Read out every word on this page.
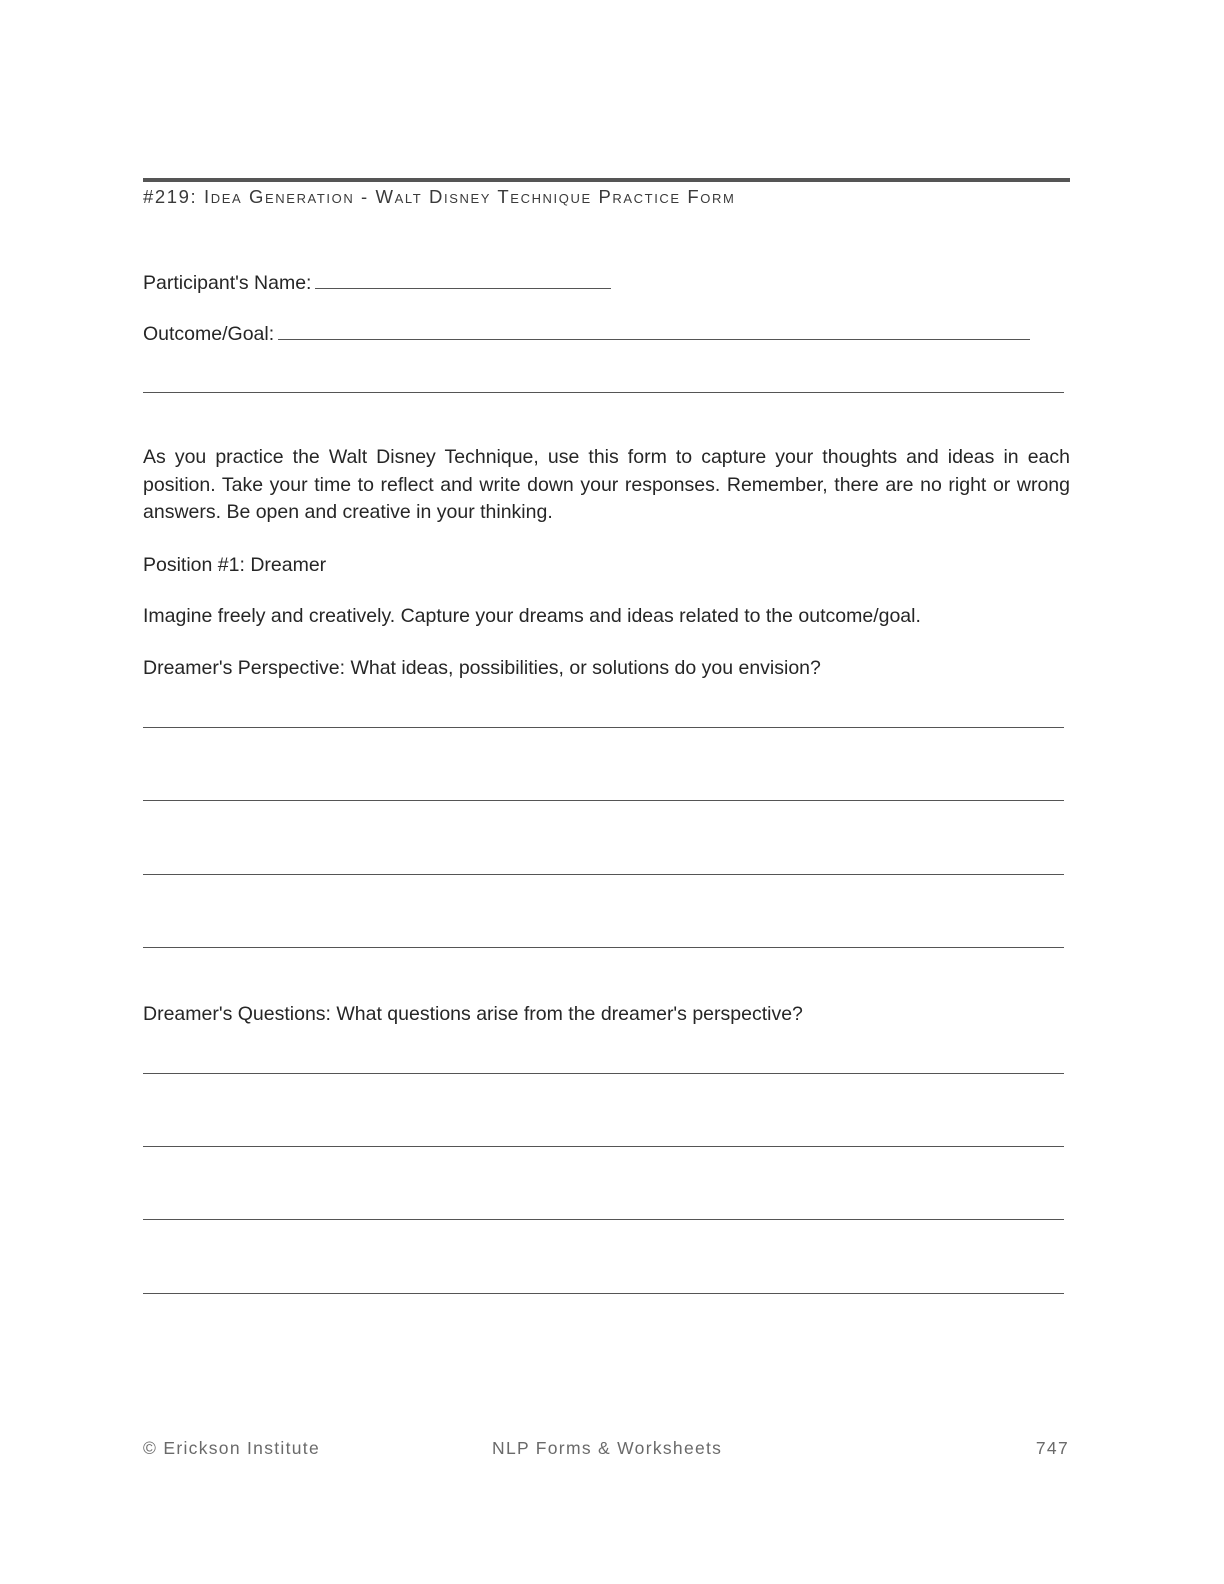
#219: Idea Generation - Walt Disney Technique Practice Form
Participant's Name:
Outcome/Goal:
As you practice the Walt Disney Technique, use this form to capture your thoughts and ideas in each position. Take your time to reflect and write down your responses. Remember, there are no right or wrong answers. Be open and creative in your thinking.
Position #1: Dreamer
Imagine freely and creatively. Capture your dreams and ideas related to the outcome/goal.
Dreamer's Perspective: What ideas, possibilities, or solutions do you envision?
Dreamer's Questions: What questions arise from the dreamer's perspective?
© Erickson Institute	NLP Forms & Worksheets	747
